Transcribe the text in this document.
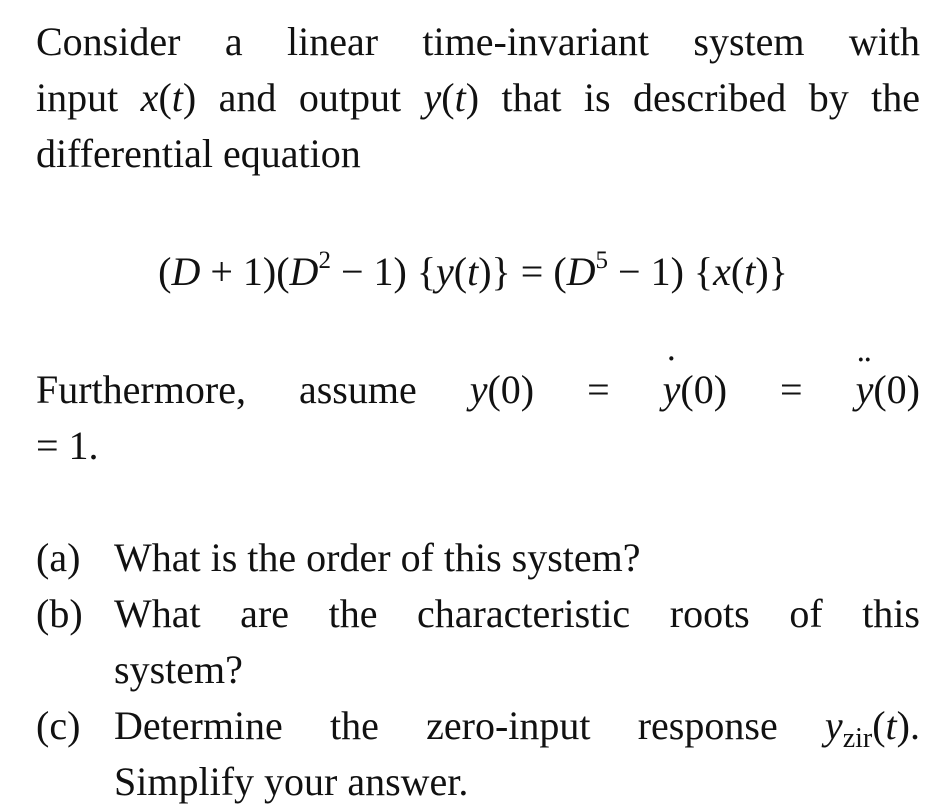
Consider a linear time-invariant system with
input x(t) and output y(t) that is described by the
differential equation

$(D + 1)(D^2 - 1)$ $\{y(t)\} = (D^5 - 1)$ {x(t)}
Furthermore, assume y(0) = ˙ y(0) = ¨ y(0)
= 1.
(a) What is the order of this system?
(b) What are the characteristic roots of this
system?
(c) Determine the zero-input response $y_{zir}(t)$.
Simplify your answer.
